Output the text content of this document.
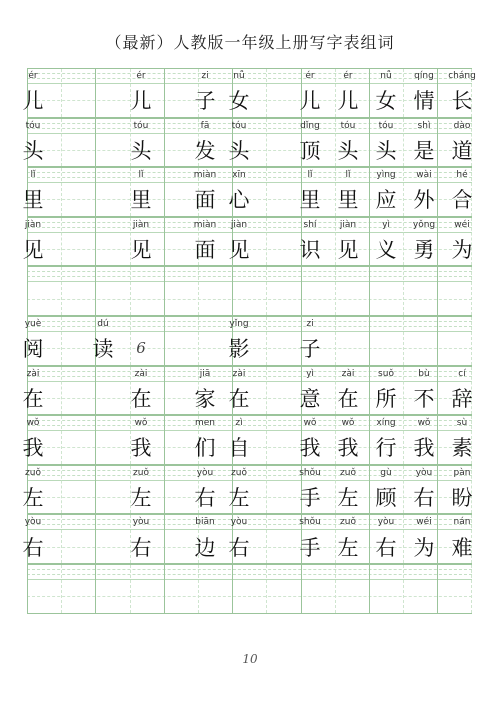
（最新）人教版一年级上册写字表组词
ér
儿
ér
儿
zi
子
nǚ
女
ér
儿
ér
儿
nǚ
女
qíng
情
cháng
长
tóu
头
tóu
头
fā
发
tóu
头
dǐng
顶
tóu
头
tóu
头
shì
是
dào
道
lǐ
里
lǐ
里
miàn
面
xīn
心
lǐ
里
lǐ
里
yìng
应
wài
外
hé
合
jiàn
见
jiàn
见
miàn
面
jiàn
见
shí
识
jiàn
见
yì
义
yǒng
勇
wéi
为
yuè
阅
dú
读	6
yǐng
影
zi
子
zài
在
zài
在
jiā
家
zài
在
yì
意
zài
在
suǒ
所
bù
不
cí
辞
wǒ
我
wǒ
我
men
们
zì
自
wǒ
我
wǒ
我
xíng
行
wǒ
我
sù
素
zuǒ
左
zuǒ
左
yòu
右
zuǒ
左
shǒu
手
zuǒ
左
gù
顾
yòu
右
pàn
盼
yòu
右
yòu
右
biān
边
yòu
右
shǒu
手
zuǒ
左
yòu
右
wéi
为
nán
难
10
